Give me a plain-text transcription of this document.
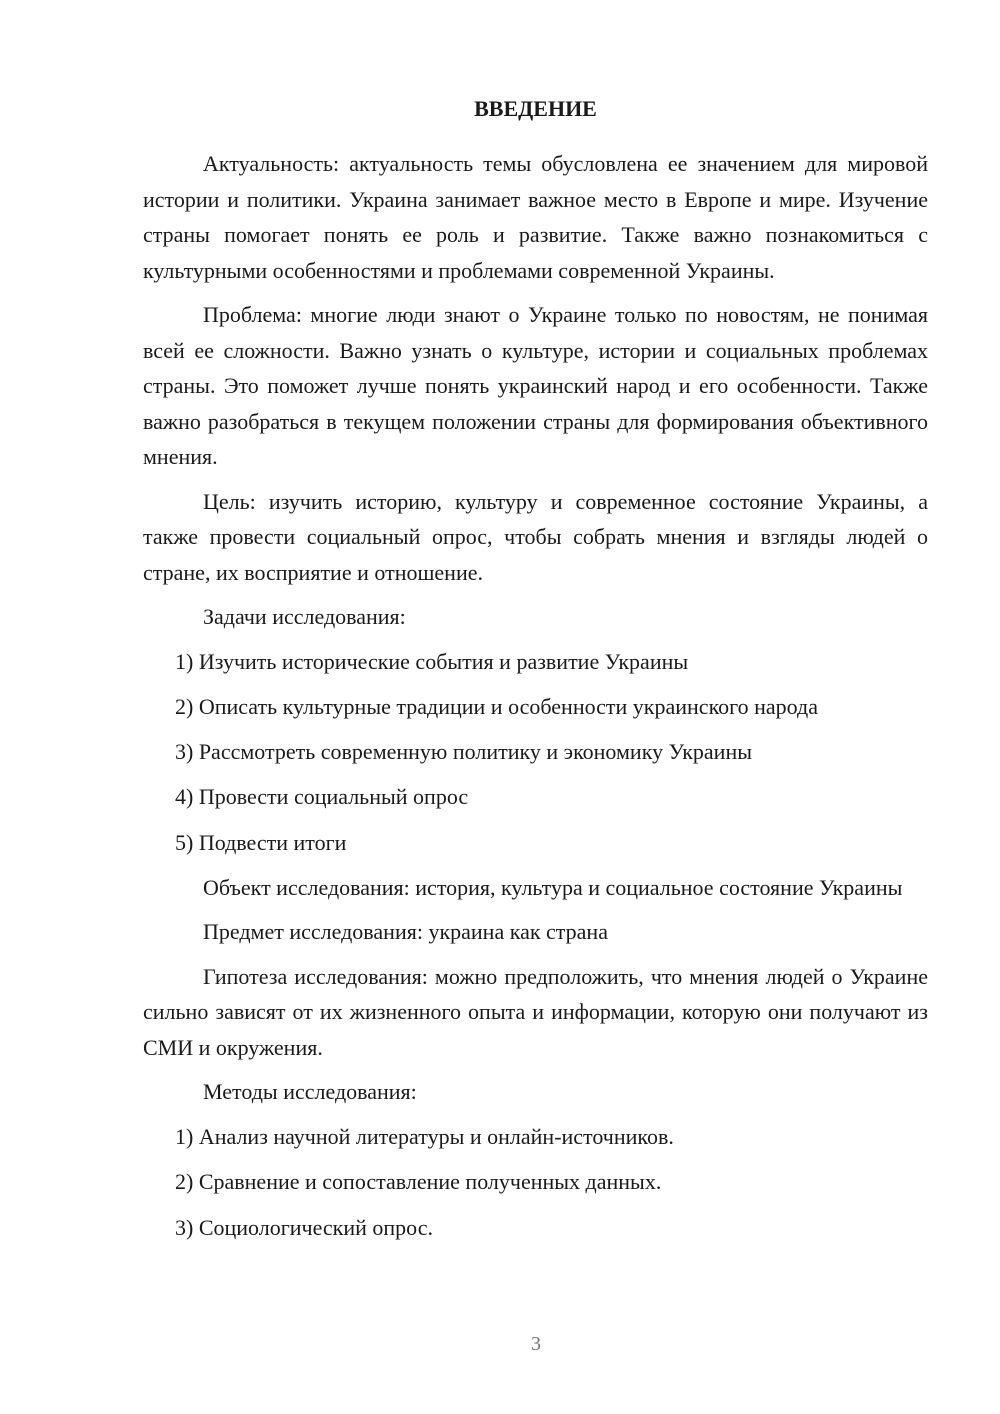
ВВЕДЕНИЕ

Актуальность: актуальность темы обусловлена ее значением для мировой истории и политики. Украина занимает важное место в Европе и мире. Изучение страны помогает понять ее роль и развитие. Также важно познакомиться с культурными особенностями и проблемами современной Украины.

Проблема: многие люди знают о Украине только по новостям, не понимая всей ее сложности. Важно узнать о культуре, истории и социальных проблемах страны. Это поможет лучше понять украинский народ и его особенности. Также важно разобраться в текущем положении страны для формирования объективного мнения.

Цель: изучить историю, культуру и современное состояние Украины, а также провести социальный опрос, чтобы собрать мнения и взгляды людей о стране, их восприятие и отношение.

Задачи исследования:

1) Изучить исторические события и развитие Украины
2) Описать культурные традиции и особенности украинского народа
3) Рассмотреть современную политику и экономику Украины
4) Провести социальный опрос
5) Подвести итоги

Объект исследования: история, культура и социальное состояние Украины

Предмет исследования: украина как страна

Гипотеза исследования: можно предположить, что мнения людей о Украине сильно зависят от их жизненного опыта и информации, которую они получают из СМИ и окружения.

Методы исследования:

1) Анализ научной литературы и онлайн-источников.
2) Сравнение и сопоставление полученных данных.
3) Социологический опрос.
3
